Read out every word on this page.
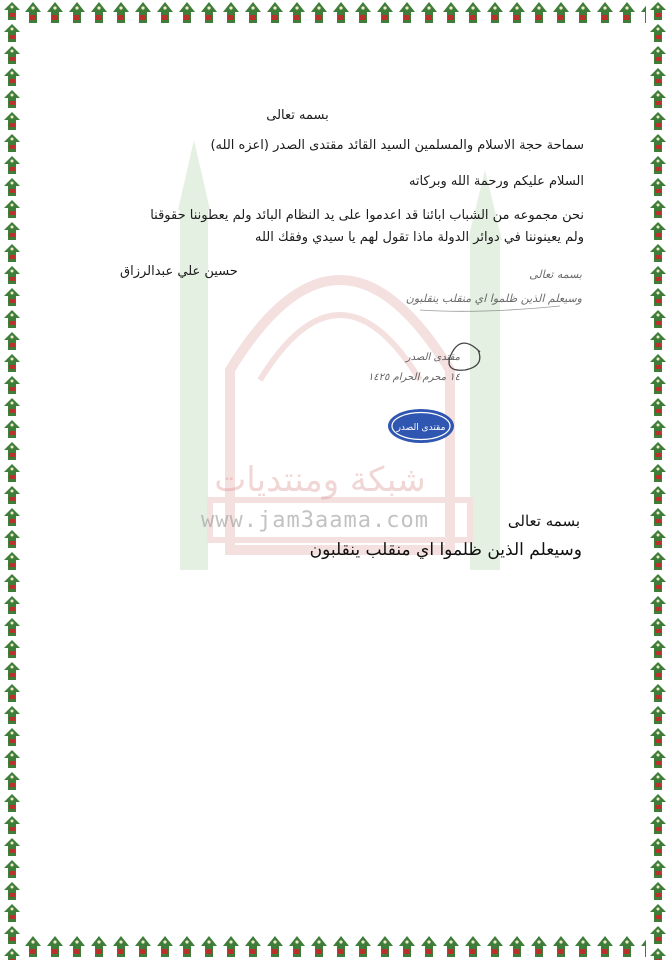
شبكة ومنتديات
www.jam3aama.com
بسمه تعالى
سماحة حجة الاسلام والمسلمين السيد القائد مقتدى الصدر (اعزه الله)
السلام عليكم ورحمة الله وبركاته
نحن مجموعه من الشباب ابائنا قد اعدموا على يد النظام البائد ولم يعطوننا حقوقنا
ولم يعينوننا في دوائر الدولة ماذا تقول لهم يا سيدي وفقك الله
حسين علي عبدالرزاق	بسمه تعالى
وسيعلم الذين ظلموا اي منقلب ينقلبون
مقتدى الصدر
١٤ محرم الحرام ١٤٢٥
مقتدى الصدر
بسمه تعالى
وسيعلم الذين ظلموا اي منقلب ينقلبون
